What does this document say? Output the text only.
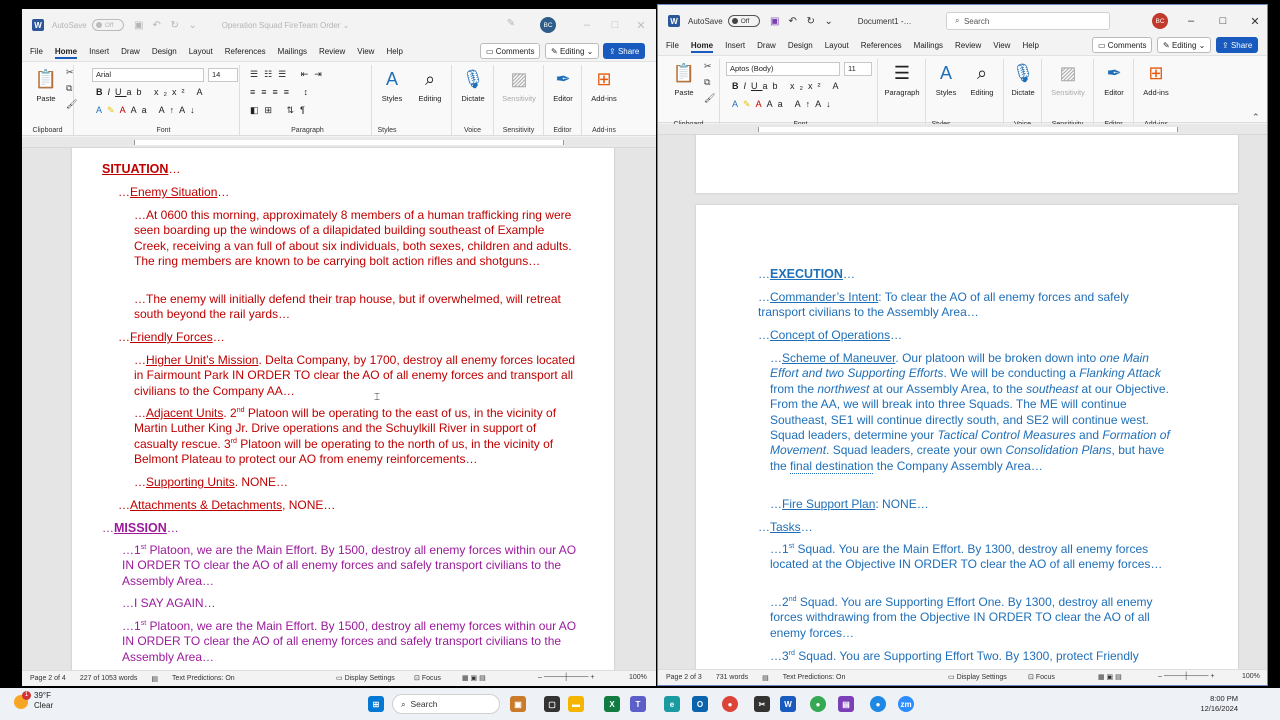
W AutoSave	Off ▣ ↶ ↻ ⌄	Operation Squad FireTeam Order ⌄	✎	BC	–	□	✕
File Home Insert Draw Design Layout References Mailings Review View Help	▭ Comments ✎ Editing ⌄ ⇪ Share
📋
Paste
✂
⧉
🖌
Clipboard
Arial	14
BIUab x₂x² A
A✎AAa A↑A↓
Font
☰☷☰ ⇤⇥
≡≡≡≡ ↕
◧⊞ ⇅¶
Paragraph
A
Styles
⌕
Editing
Styles
🎙
Dictate
Voice
▨
Sensitivity
Sensitivity
✒
Editor
Editor
⊞
Add-ins
Add-ins
SITUATION…
…Enemy Situation…
…At 0600 this morning, approximately 8 members of a human trafficking ring were seen boarding up the windows of a dilapidated building southeast of Example Creek, receiving a van full of about six individuals, both sexes, children and adults. The ring members are known to be carrying bolt action rifles and shotguns…
…The enemy will initially defend their trap house, but if overwhelmed, will retreat south beyond the rail yards…
…Friendly Forces…
…Higher Unit’s Mission. Delta Company, by 1700, destroy all enemy forces located in Fairmount Park IN ORDER TO clear the AO of all enemy forces and transport all civilians to the Company AA…
…Adjacent Units. 2nd Platoon will be operating to the east of us, in the vicinity of Martin Luther King Jr. Drive operations and the Schuylkill River in support of casualty rescue. 3rd Platoon will be operating to the north of us, in the vicinity of Belmont Plateau to protect our AO from enemy reinforcements…
…Supporting Units. NONE…
…Attachments & Detachments, NONE…
…MISSION…
…1st Platoon, we are the Main Effort. By 1500, destroy all enemy forces within our AO IN ORDER TO clear the AO of all enemy forces and safely transport civilians to the Assembly Area…
…I SAY AGAIN…
…1st Platoon, we are the Main Effort. By 1500, destroy all enemy forces within our AO IN ORDER TO clear the AO of all enemy forces and safely transport civilians to the Assembly Area…
⌶
Page 2 of 4 227 of 1053 words ▤ Text Predictions: On	▭ Display Settings	⊡ Focus	▦ ▣ ▤	– ────┼──── +	100%
W AutoSave	Off ▣ ↶ ↻ ⌄	Document1 -…	⌕ Search	BC	–	□	✕
File Home Insert Draw Design Layout References Mailings Review View Help	▭ Comments ✎ Editing ⌄ ⇪ Share
📋
Paste
✂
⧉
🖌
Aptos (Body)	11
BIUab x₂x² A
A✎AAa A↑A↓
☰
Paragraph
A
Styles
⌕
Editing
🎙
Dictate
▨
Sensitivity
✒
Editor
⊞
Add-ins
⌃
…EXECUTION…
…Commander’s Intent: To clear the AO of all enemy forces and safely transport civilians to the Assembly Area…
…Concept of Operations…
…Scheme of Maneuver. Our platoon will be broken down into one Main Effort and two Supporting Efforts. We will be conducting a Flanking Attack from the northwest at our Assembly Area, to the southeast at our Objective. From the AA, we will break into three Squads. The ME will continue Southeast, SE1 will continue directly south, and SE2 will continue west. Squad leaders, determine your Tactical Control Measures and Formation of Movement. Squad leaders, create your own Consolidation Plans, but have the final destination the Company Assembly Area…
…Fire Support Plan: NONE…
…Tasks…
…1st Squad. You are the Main Effort. By 1300, destroy all enemy forces located at the Objective IN ORDER TO clear the AO of all enemy forces…
…2nd Squad. You are Supporting Effort One. By 1300, destroy all enemy forces withdrawing from the Objective IN ORDER TO clear the AO of all enemy forces…
…3rd Squad. You are Supporting Effort Two. By 1300, protect Friendly
Page 2 of 3 731 words ▤ Text Predictions: On	▭ Display Settings	⊡ Focus	▦ ▣ ▤	– ────┼──── +	100%
1 39°F
Clear	⊞	⌕ Search	▣	▢	▬	X	T	e	O	●	✂	W	●	▤	●	zm
8:00 PM
12/16/2024
